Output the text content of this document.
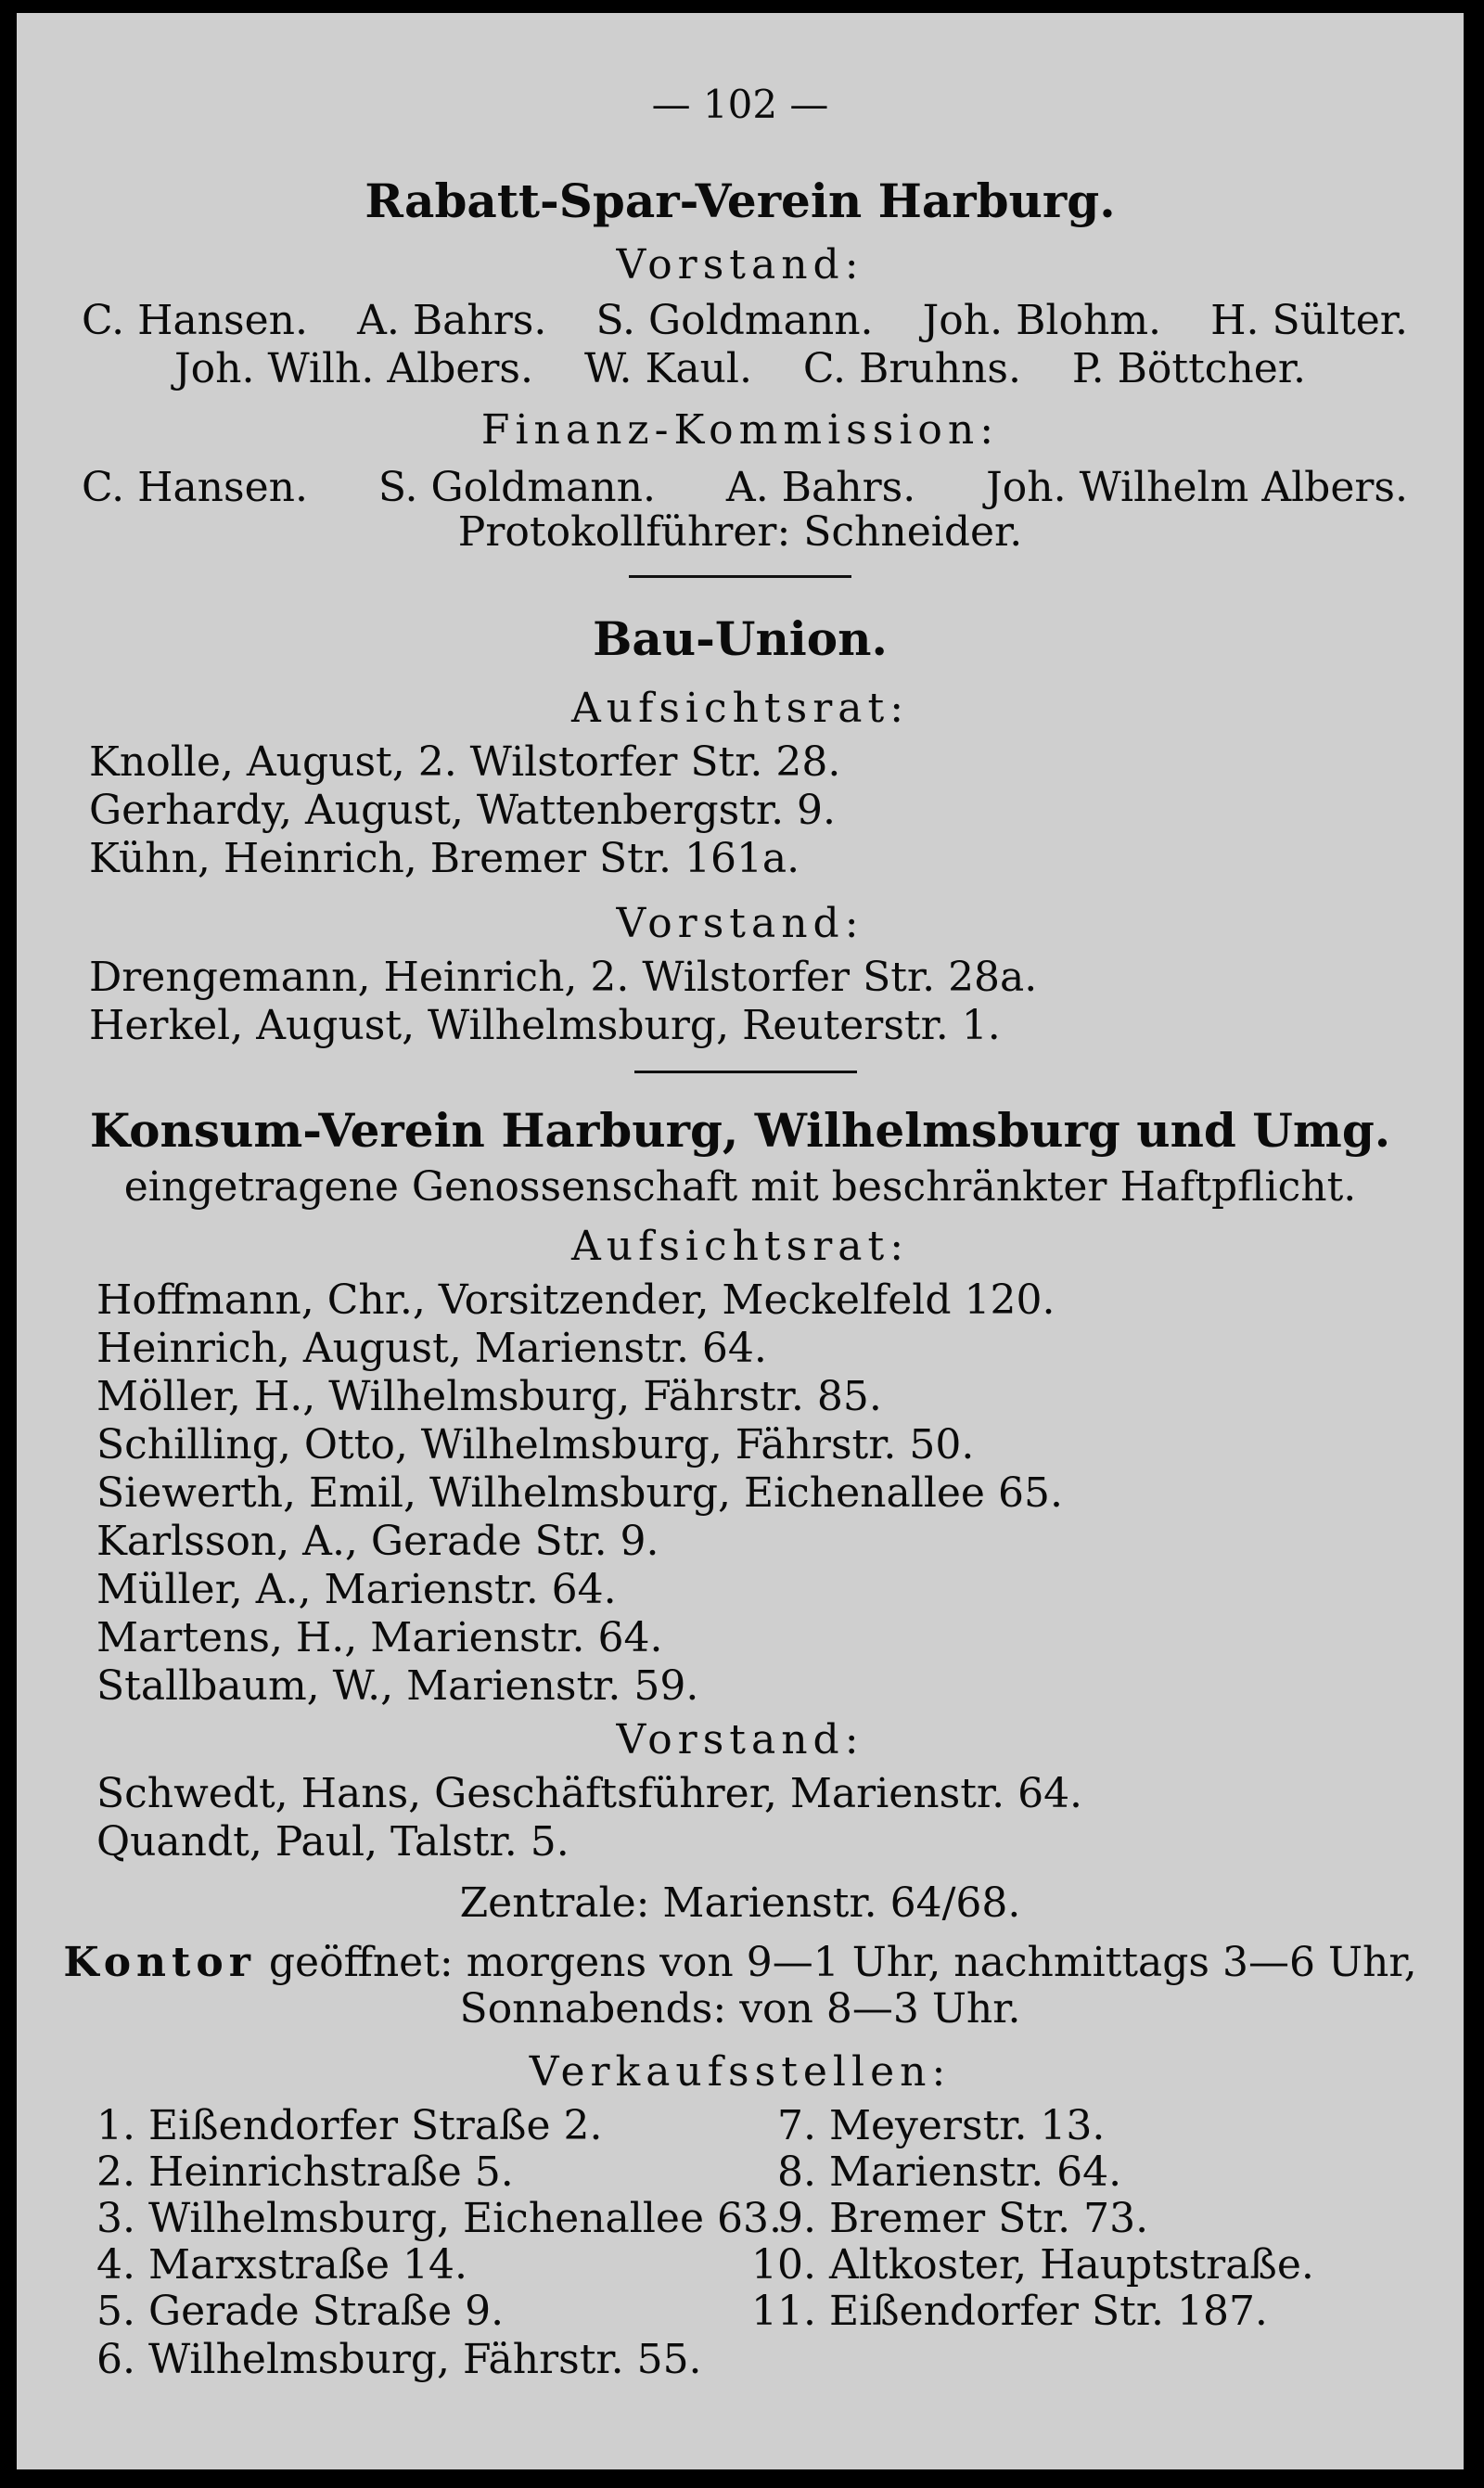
— 102 —
Rabatt-Spar-Verein Harburg.
Vorstand:
C. Hansen. A. Bahrs. S. Goldmann. Joh. Blohm. H. Sülter.
Joh. Wilh. Albers. W. Kaul. C. Bruhns. P. Böttcher.
Finanz-Kommission:
C. Hansen. S. Goldmann. A. Bahrs. Joh. Wilhelm Albers.
Protokollführer: Schneider.
Bau-Union.
Aufsichtsrat:
Knolle, August, 2. Wilstorfer Str. 28.
Gerhardy, August, Wattenbergstr. 9.
Kühn, Heinrich, Bremer Str. 161a.
Vorstand:
Drengemann, Heinrich, 2. Wilstorfer Str. 28a.
Herkel, August, Wilhelmsburg, Reuterstr. 1.
Konsum-Verein Harburg, Wilhelmsburg und Umg.
eingetragene Genossenschaft mit beschränkter Haftpflicht.
Aufsichtsrat:
Hoffmann, Chr., Vorsitzender, Meckelfeld 120.
Heinrich, August, Marienstr. 64.
Möller, H., Wilhelmsburg, Fährstr. 85.
Schilling, Otto, Wilhelmsburg, Fährstr. 50.
Siewerth, Emil, Wilhelmsburg, Eichenallee 65.
Karlsson, A., Gerade Str. 9.
Müller, A., Marienstr. 64.
Martens, H., Marienstr. 64.
Stallbaum, W., Marienstr. 59.
Vorstand:
Schwedt, Hans, Geschäftsführer, Marienstr. 64.
Quandt, Paul, Talstr. 5.
Zentrale: Marienstr. 64/68.
Kontor geöffnet: morgens von 9—1 Uhr, nachmittags 3—6 Uhr,
Sonnabends: von 8—3 Uhr.
Verkaufsstellen:
1. Eißendorfer Straße 2.
2. Heinrichstraße 5.
3. Wilhelmsburg, Eichenallee 63.
4. Marxstraße 14.
5. Gerade Straße 9.
6. Wilhelmsburg, Fährstr. 55.
7. Meyerstr. 13.
8. Marienstr. 64.
9. Bremer Str. 73.
10. Altkoster, Hauptstraße.
11. Eißendorfer Str. 187.
